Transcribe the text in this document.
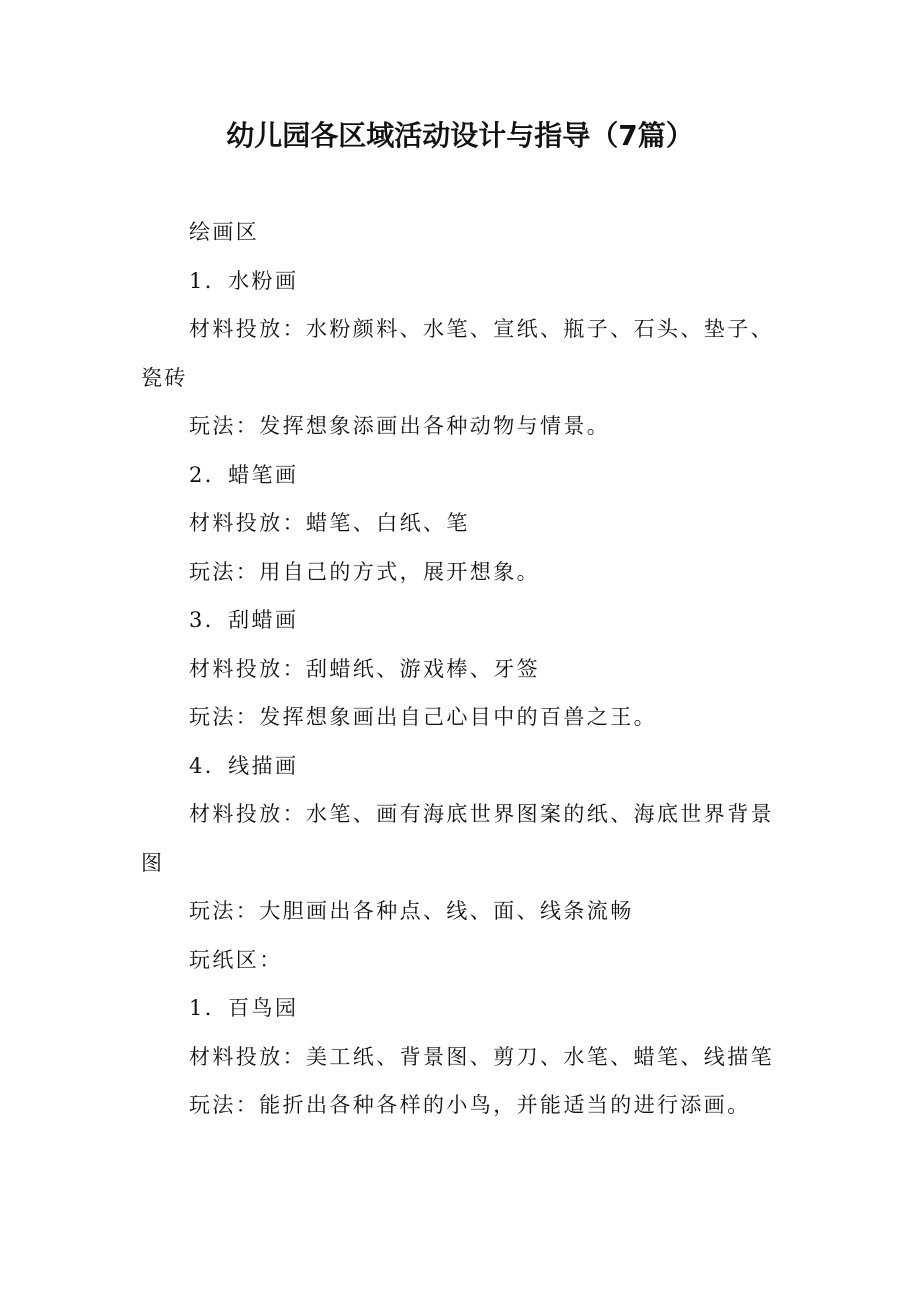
幼儿园各区域活动设计与指导（7篇）

绘画区

1．水粉画

材料投放：水粉颜料、水笔、宣纸、瓶子、石头、垫子、瓷砖

玩法：发挥想象添画出各种动物与情景。

2．蜡笔画

材料投放：蜡笔、白纸、笔

玩法：用自己的方式，展开想象。

3．刮蜡画

材料投放：刮蜡纸、游戏棒、牙签

玩法：发挥想象画出自己心目中的百兽之王。

4．线描画

材料投放：水笔、画有海底世界图案的纸、海底世界背景图

玩法：大胆画出各种点、线、面、线条流畅

玩纸区：

1．百鸟园

材料投放：美工纸、背景图、剪刀、水笔、蜡笔、线描笔

玩法：能折出各种各样的小鸟，并能适当的进行添画。
